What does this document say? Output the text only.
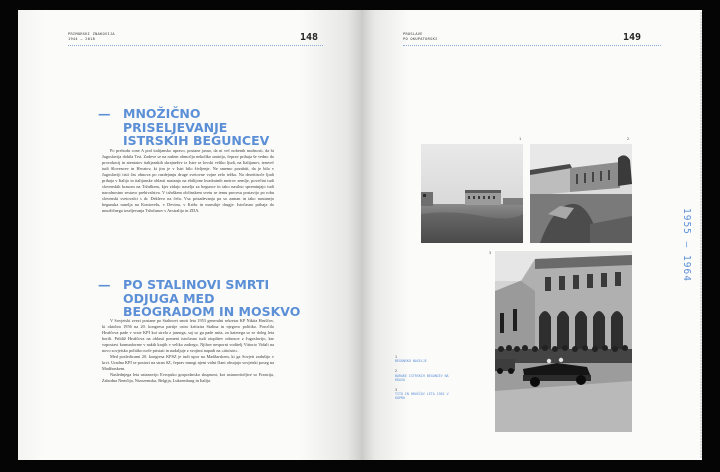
PRIMORSKI ZNAKOVIJA
1944 — 2018	148
— MNOŽIČNO
PRISELJEVANJE
ISTRSKIH BEGUNCEV

Po prehodu cone A pod italijansko upravo, postane jasno, da ni več nobenih možnosti, da bi Jugoslavija dobila Trst. Zadeve se na našem območju nekoliko umirijo, čeprav prihaja še vedno do provokacij in atentatov italijanskih skrajnežev iz Istre se lovski veliko ljudi, na Italijanov, temveč tudi Slovencev in Hrvatov, ki jim je v Istri bilo življenje. Ne smemo pozabiti, da je bila v Jugoslaviji tisti čas obnova po razdejanju druge svetovne vojne zelo težka. Na desettisoče ljudi prihaja v Italijo in italijanske oblasti nastanjo na ebilijone kvadratnih metrov zemlje, povečini tudi slovenskih krasom na Tržaškem, kjer zidajo naselja za begunce in tako nasilno spreminjajo tudi narodnostno sestavo prebivalstva. V tržaškem občinskem svetu se temu procesu postavijo po robu slovenski svetovalci s dr. Deklevo na čelu. Vsa prizadevanja pa so zaman in tako nastanejo begunska naselja na Kontovelu, v Devinu, v Križu in marsikje drugje. Istočasno prihaja do množičnega izseljevanja Tržačanov v Avstralijo in ZDA.

— PO STALINOVI SMRTI
ODJUGA MED
BEOGRADOM IN MOSKVO

V Sovjetski zvezi postane po Stalinovi smrti leta 1953 generalni sekretar KP Nikita Hruščov, ki oktobra 1956 na 20. kongresu partije ostro kritizira Stalina in njegovo politiko. Poročilo Hruščova pade v vrste KPI kot strela z jasnega, saj so ga pade mita, za katerega so se doleg leta borili. Približ Hruščova na oblasti pomeni istočasno tudi otoplitev odnosov z Jugoslavijo, kar vzpostavi komunforme v nakih krajih v veliko zadrego. Njihov nesporni voditelj Vittorio Vidali na novo sovjetsko politiko noče pristati in nadaljuje z svojimi napadi na »titoiste«.

Med posledicami 20. kongresa KPSZ je tudi upor na Madžarskem, ki ga Sovjeti zadušijo v krvi. Uradna KPI se postavi na stran SZ, čeprav mnogi njeni vidni člani obsojajo sovjetski poseg na Madžarskem.

Naslednjega leta ustanovijo Evropsko gospodarsko skupnost; kot ustanoviteljice so Francija, Zahodna Nemčija, Nizozemska, Belgija, Luksemburg in Italija.

PROSLAVE
PO OKUPATORSKI	149
1955 — 1964
1	2
3
1
BEGUNSKO NASELJE
2
BARAKE ISTRSKIH BEGUNCEV NA KRASU
3
TITO IN HRUŠČOV LETA 1961 V KOPRU
